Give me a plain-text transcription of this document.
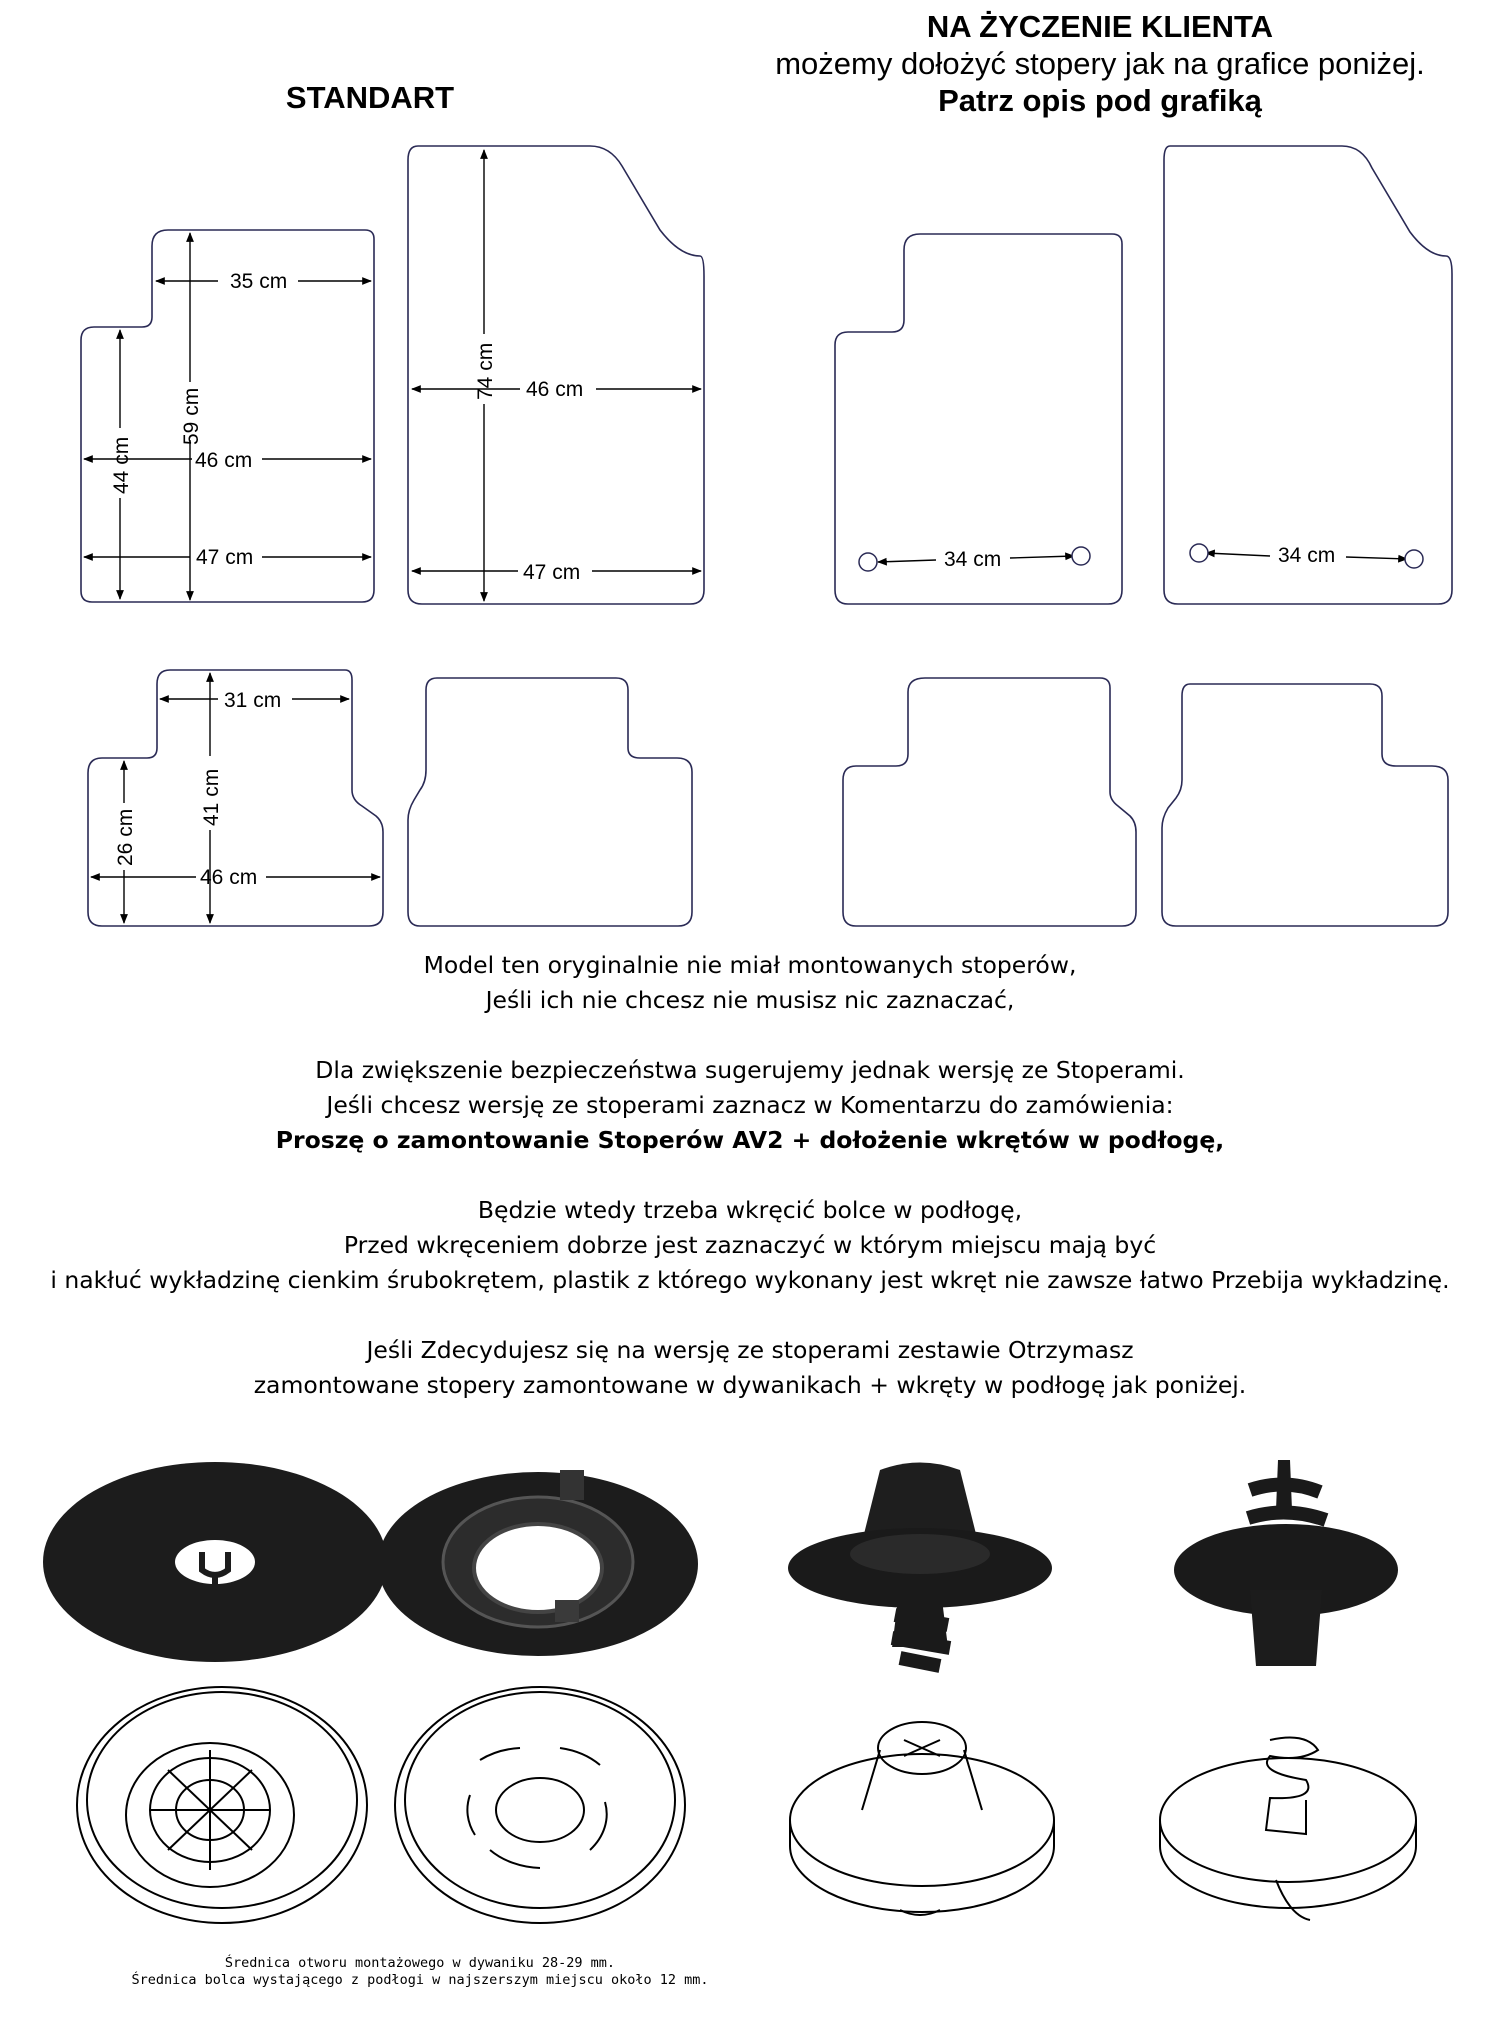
STANDART
NA ŻYCZENIE KLIENTA
możemy dołożyć stopery jak na grafice poniżej.
Patrz opis pod grafiką
35 cm
59 cm
46 cm
44 cm
47 cm
74 cm 46 cm
47 cm
31 cm
41 cm
26 cm
46 cm
34 cm	34 cm

Model ten oryginalnie nie miał montowanych stoperów,

Jeśli ich nie chcesz nie musisz nic zaznaczać,

Dla zwiększenie bezpieczeństwa sugerujemy jednak wersję ze Stoperami.

Jeśli chcesz wersję ze stoperami zaznacz w Komentarzu do zamówienia:

Proszę o zamontowanie Stoperów AV2 + dołożenie wkrętów w podłogę,

Będzie wtedy trzeba wkręcić bolce w podłogę,

Przed wkręceniem dobrze jest zaznaczyć w którym miejscu mają być

i nakłuć wykładzinę cienkim śrubokrętem, plastik z którego wykonany jest wkręt nie zawsze łatwo Przebija wykładzinę.

Jeśli Zdecydujesz się na wersję ze stoperami zestawie Otrzymasz

zamontowane stopery zamontowane w dywanikach + wkręty w podłogę jak poniżej.

Średnica otworu montażowego w dywaniku 28-29 mm.

Średnica bolca wystającego z podłogi w najszerszym miejscu około 12 mm.
